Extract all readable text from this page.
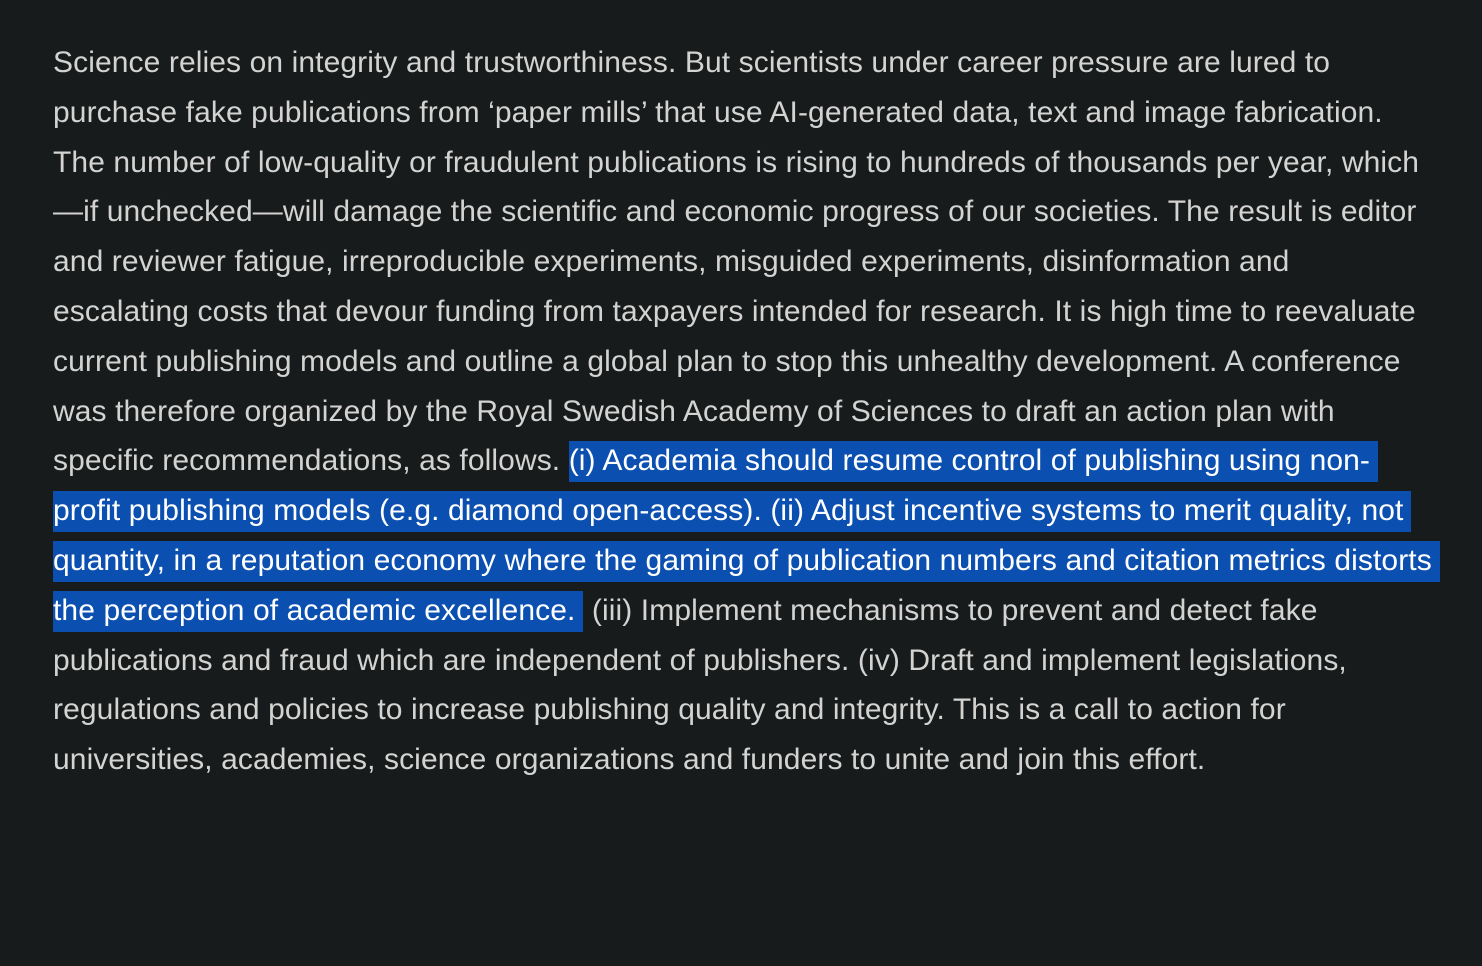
Science relies on integrity and trustworthiness. But scientists under career pressure are lured to purchase fake publications from ‘paper mills’ that use AI-generated data, text and image fabrication. The number of low-quality or fraudulent publications is rising to hundreds of thousands per year, which—if unchecked—will damage the scientific and economic progress of our societies. The result is editor and reviewer fatigue, irreproducible experiments, misguided experiments, disinformation and escalating costs that devour funding from taxpayers intended for research. It is high time to reevaluate current publishing models and outline a global plan to stop this unhealthy development. A conference was therefore organized by the Royal Swedish Academy of Sciences to draft an action plan with specific recommendations, as follows. (i) Academia should resume control of publishing using non-profit publishing models (e.g. diamond open-access). (ii) Adjust incentive systems to merit quality, not quantity, in a reputation economy where the gaming of publication numbers and citation metrics distorts the perception of academic excellence. (iii) Implement mechanisms to prevent and detect fake publications and fraud which are independent of publishers. (iv) Draft and implement legislations, regulations and policies to increase publishing quality and integrity. This is a call to action for universities, academies, science organizations and funders to unite and join this effort.
